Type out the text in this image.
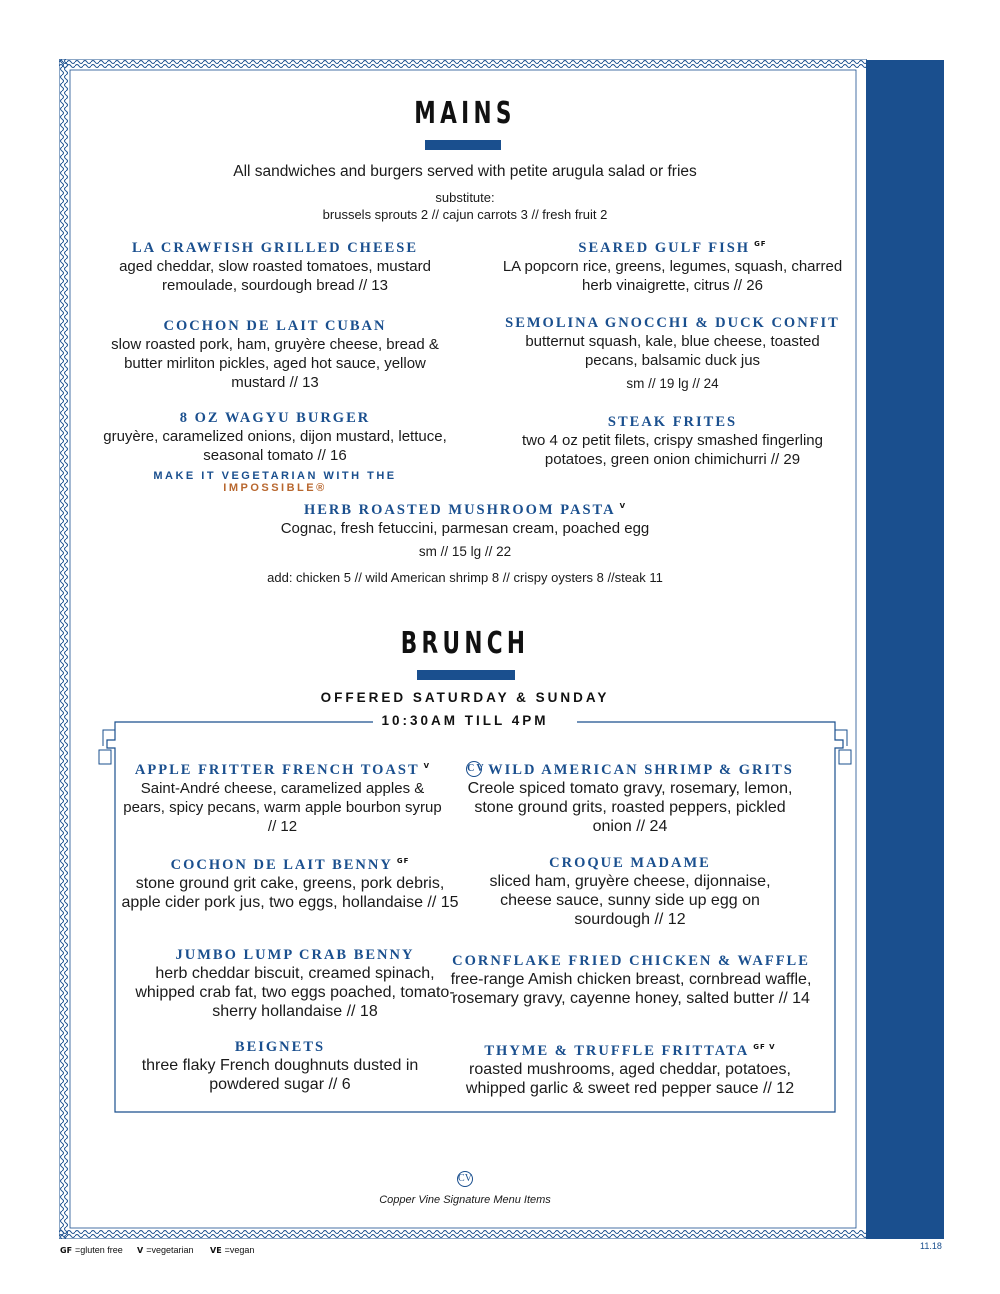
MAINS
All sandwiches and burgers served with petite arugula salad or fries
substitute:
brussels sprouts 2 // cajun carrots 3 // fresh fruit 2
LA CRAWFISH GRILLED CHEESE
aged cheddar, slow roasted tomatoes, mustard remoulade, sourdough bread // 13
COCHON DE LAIT CUBAN
slow roasted pork, ham, gruyère cheese, bread & butter mirliton pickles, aged hot sauce, yellow mustard // 13
8 OZ WAGYU BURGER
gruyère, caramelized onions, dijon mustard, lettuce, seasonal tomato // 16
MAKE IT VEGETARIAN WITH THE IMPOSSIBLE®
SEARED GULF FISH $^{GF}$
LA popcorn rice, greens, legumes, squash, charred herb vinaigrette, citrus // 26
SEMOLINA GNOCCHI & DUCK CONFIT
butternut squash, kale, blue cheese, toasted pecans, balsamic duck jus
sm // 19 lg // 24
STEAK FRITES
two 4 oz petit filets, crispy smashed fingerling potatoes, green onion chimichurri // 29
HERB ROASTED MUSHROOM PASTA $^V$
Cognac, fresh fetuccini, parmesan cream, poached egg
sm // 15 lg // 22
add: chicken 5 // wild American shrimp 8 // crispy oysters 8 //steak 11
BRUNCH
OFFERED SATURDAY & SUNDAY
10:30AM TILL 4PM
APPLE FRITTER FRENCH TOAST $^V$
Saint-André cheese, caramelized apples & pears, spicy pecans, warm apple bourbon syrup // 12
COCHON DE LAIT BENNY $^{GF}$
stone ground grit cake, greens, pork debris, apple cider pork jus, two eggs, hollandaise // 15
JUMBO LUMP CRAB BENNY
herb cheddar biscuit, creamed spinach, whipped crab fat, two eggs poached, tomato- sherry hollandaise // 18
BEIGNETS
three flaky French doughnuts dusted in powdered sugar // 6
CV WILD AMERICAN SHRIMP & GRITS
Creole spiced tomato gravy, rosemary, lemon, stone ground grits, roasted peppers, pickled onion // 24
CROQUE MADAME
sliced ham, gruyère cheese, dijonnaise, cheese sauce, sunny side up egg on sourdough // 12
CORNFLAKE FRIED CHICKEN & WAFFLE
free-range Amish chicken breast, cornbread waffle, rosemary gravy, cayenne honey, salted butter // 14
THYME & TRUFFLE FRITTATA $^{GF V}$
roasted mushrooms, aged cheddar, potatoes, whipped garlic & sweet red pepper sauce // 12
CV
Copper Vine Signature Menu Items
GF =gluten free V =vegetarian VE =vegan	11.18
